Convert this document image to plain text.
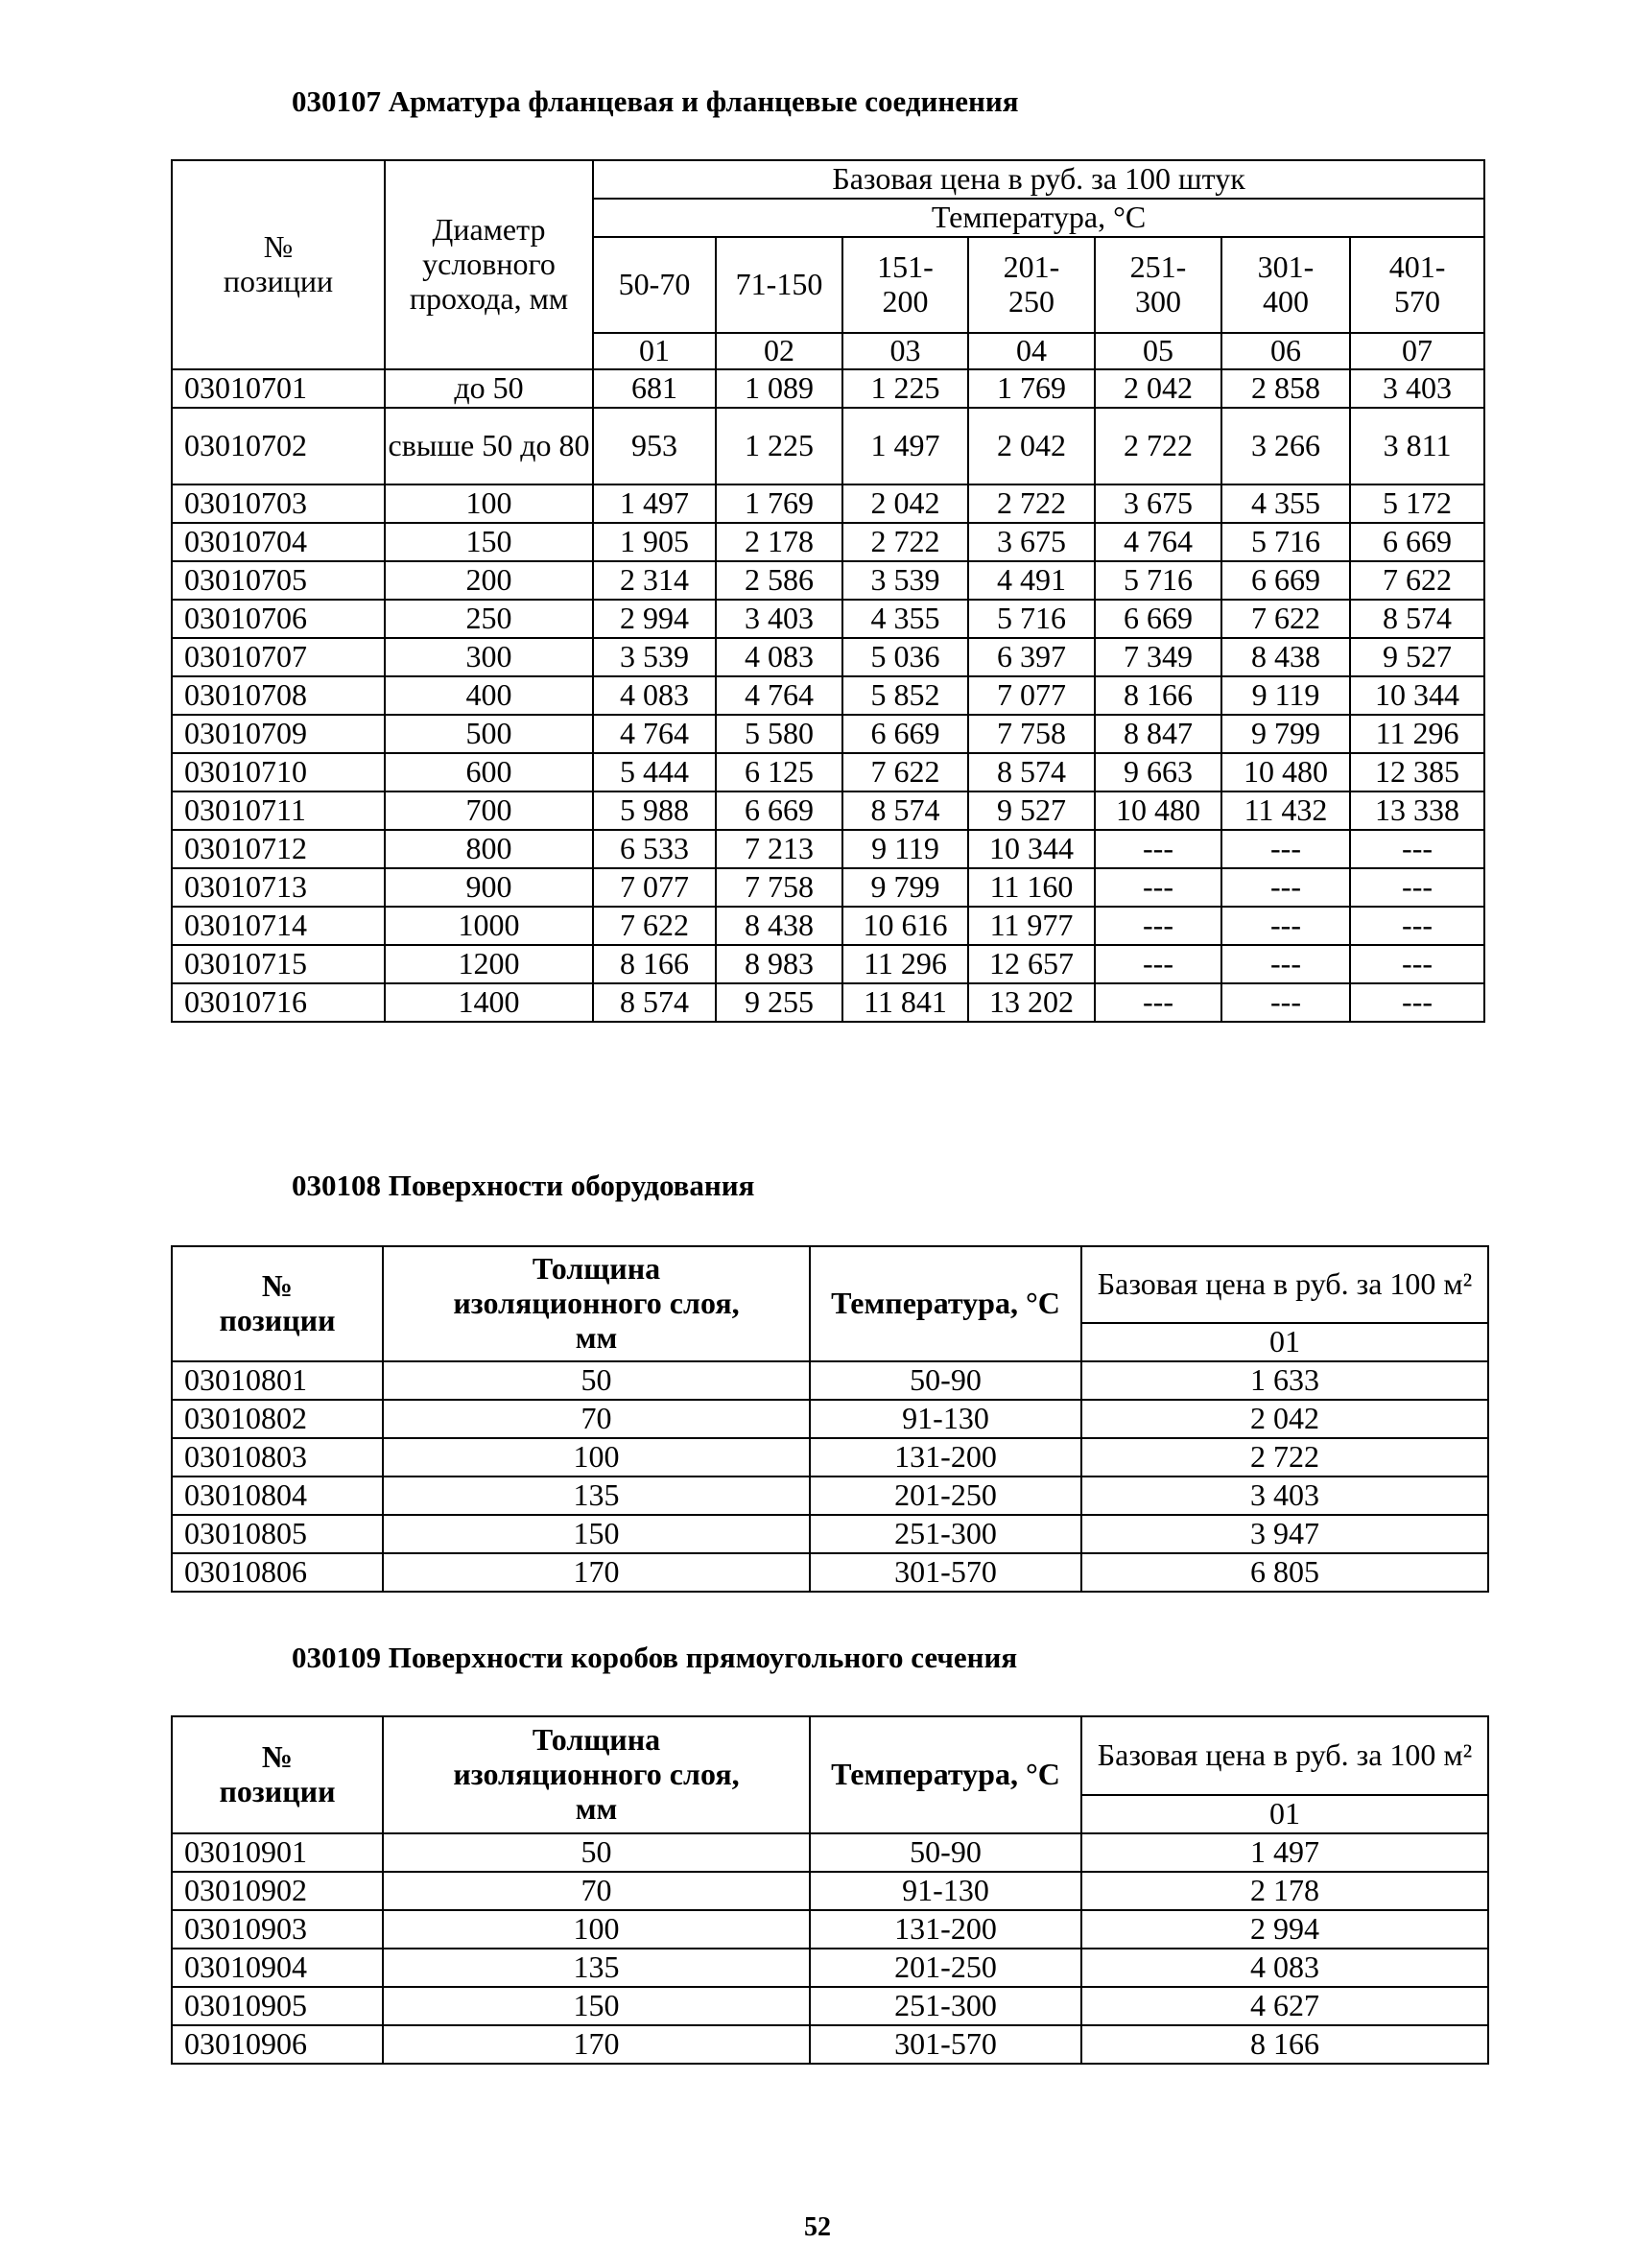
030107 Арматура фланцевая и фланцевые соединения
№ позиции	Диаметр условного прохода, мм	Базовая цена в руб. за 100 штук						
		Температура, °C						
		50-70	71-150	151-200	201-250	251-300	301-400	401-570
		01	02	03	04	05	06	07
03010701	до 50	681	1 089	1 225	1 769	2 042	2 858	3 403
03010702	свыше 50 до 80	953	1 225	1 497	2 042	2 722	3 266	3 811
03010703	100	1 497	1 769	2 042	2 722	3 675	4 355	5 172
03010704	150	1 905	2 178	2 722	3 675	4 764	5 716	6 669
03010705	200	2 314	2 586	3 539	4 491	5 716	6 669	7 622
03010706	250	2 994	3 403	4 355	5 716	6 669	7 622	8 574
03010707	300	3 539	4 083	5 036	6 397	7 349	8 438	9 527
03010708	400	4 083	4 764	5 852	7 077	8 166	9 119	10 344
03010709	500	4 764	5 580	6 669	7 758	8 847	9 799	11 296
03010710	600	5 444	6 125	7 622	8 574	9 663	10 480	12 385
03010711	700	5 988	6 669	8 574	9 527	10 480	11 432	13 338
03010712	800	6 533	7 213	9 119	10 344	---	---	---
03010713	900	7 077	7 758	9 799	11 160	---	---	---
03010714	1000	7 622	8 438	10 616	11 977	---	---	---
03010715	1200	8 166	8 983	11 296	12 657	---	---	---
03010716	1400	8 574	9 255	11 841	13 202	---	---	---
030108 Поверхности оборудования
№ позиции	Толщина изоляционного слоя, мм	Температура, °C	Базовая цена в руб. за 100 м²
			01
03010801	50	50-90	1 633
03010802	70	91-130	2 042
03010803	100	131-200	2 722
03010804	135	201-250	3 403
03010805	150	251-300	3 947
03010806	170	301-570	6 805
030109 Поверхности коробов прямоугольного сечения
№ позиции	Толщина изоляционного слоя, мм	Температура, °C	Базовая цена в руб. за 100 м²
			01
03010901	50	50-90	1 497
03010902	70	91-130	2 178
03010903	100	131-200	2 994
03010904	135	201-250	4 083
03010905	150	251-300	4 627
03010906	170	301-570	8 166
52
